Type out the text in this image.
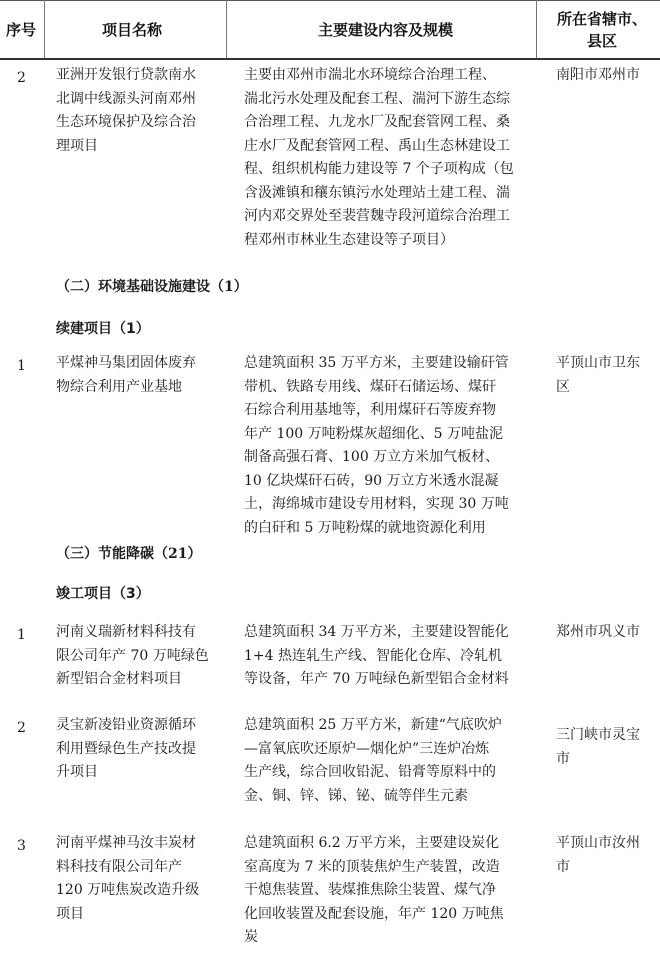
序号	项目名称	主要建设内容及规模
所在省辖市、
县区
2 亚洲开发银行贷款南水
北调中线源头河南邓州
生态环境保护及综合治
理项目
主要由邓州市湍北水环境综合治理工程、
湍北污水处理及配套工程、湍河下游生态综
合治理工程、九龙水厂及配套管网工程、桑
庄水厂及配套管网工程、禹山生态林建设工
程、组织机构能力建设等 7 个子项构成（包
含汲滩镇和穰东镇污水处理站土建工程、湍
河内邓交界处至裴营魏寺段河道综合治理工
程邓州市林业生态建设等子项目）
南阳市邓州市
（二）环境基础设施建设（1）
续建项目（1）
1 平煤神马集团固体废弃
物综合利用产业基地
总建筑面积 35 万平方米，主要建设输矸管
带机、铁路专用线、煤矸石储运场、煤矸
石综合利用基地等，利用煤矸石等废弃物
年产 100 万吨粉煤灰超细化、5 万吨盐泥
制备高强石膏、100 万立方米加气板材、
10 亿块煤矸石砖，90 万立方米透水混凝
土，海绵城市建设专用材料，实现 30 万吨
的白矸和 5 万吨粉煤的就地资源化利用
平顶山市卫东
区
（三）节能降碳（21）
竣工项目（3）
1 河南义瑞新材料科技有
限公司年产 70 万吨绿色
新型铝合金材料项目
总建筑面积 34 万平方米，主要建设智能化
1+4 热连轧生产线、智能化仓库、冷轧机
等设备，年产 70 万吨绿色新型铝合金材料
郑州市巩义市
2 灵宝新凌铅业资源循环
利用暨绿色生产技改提
升项目
总建筑面积 25 万平方米，新建“气底吹炉
—富氧底吹还原炉—烟化炉”三连炉冶炼
生产线，综合回收铅泥、铅膏等原料中的
金、铜、锌、锑、铋、硫等伴生元素
三门峡市灵宝
市
3 河南平煤神马汝丰炭材
料科技有限公司年产
120 万吨焦炭改造升级
项目
总建筑面积 6.2 万平方米，主要建设炭化
室高度为 7 米的顶装焦炉生产装置，改造
干熄焦装置、装煤推焦除尘装置、煤气净
化回收装置及配套设施，年产 120 万吨焦
炭
平顶山市汝州
市
